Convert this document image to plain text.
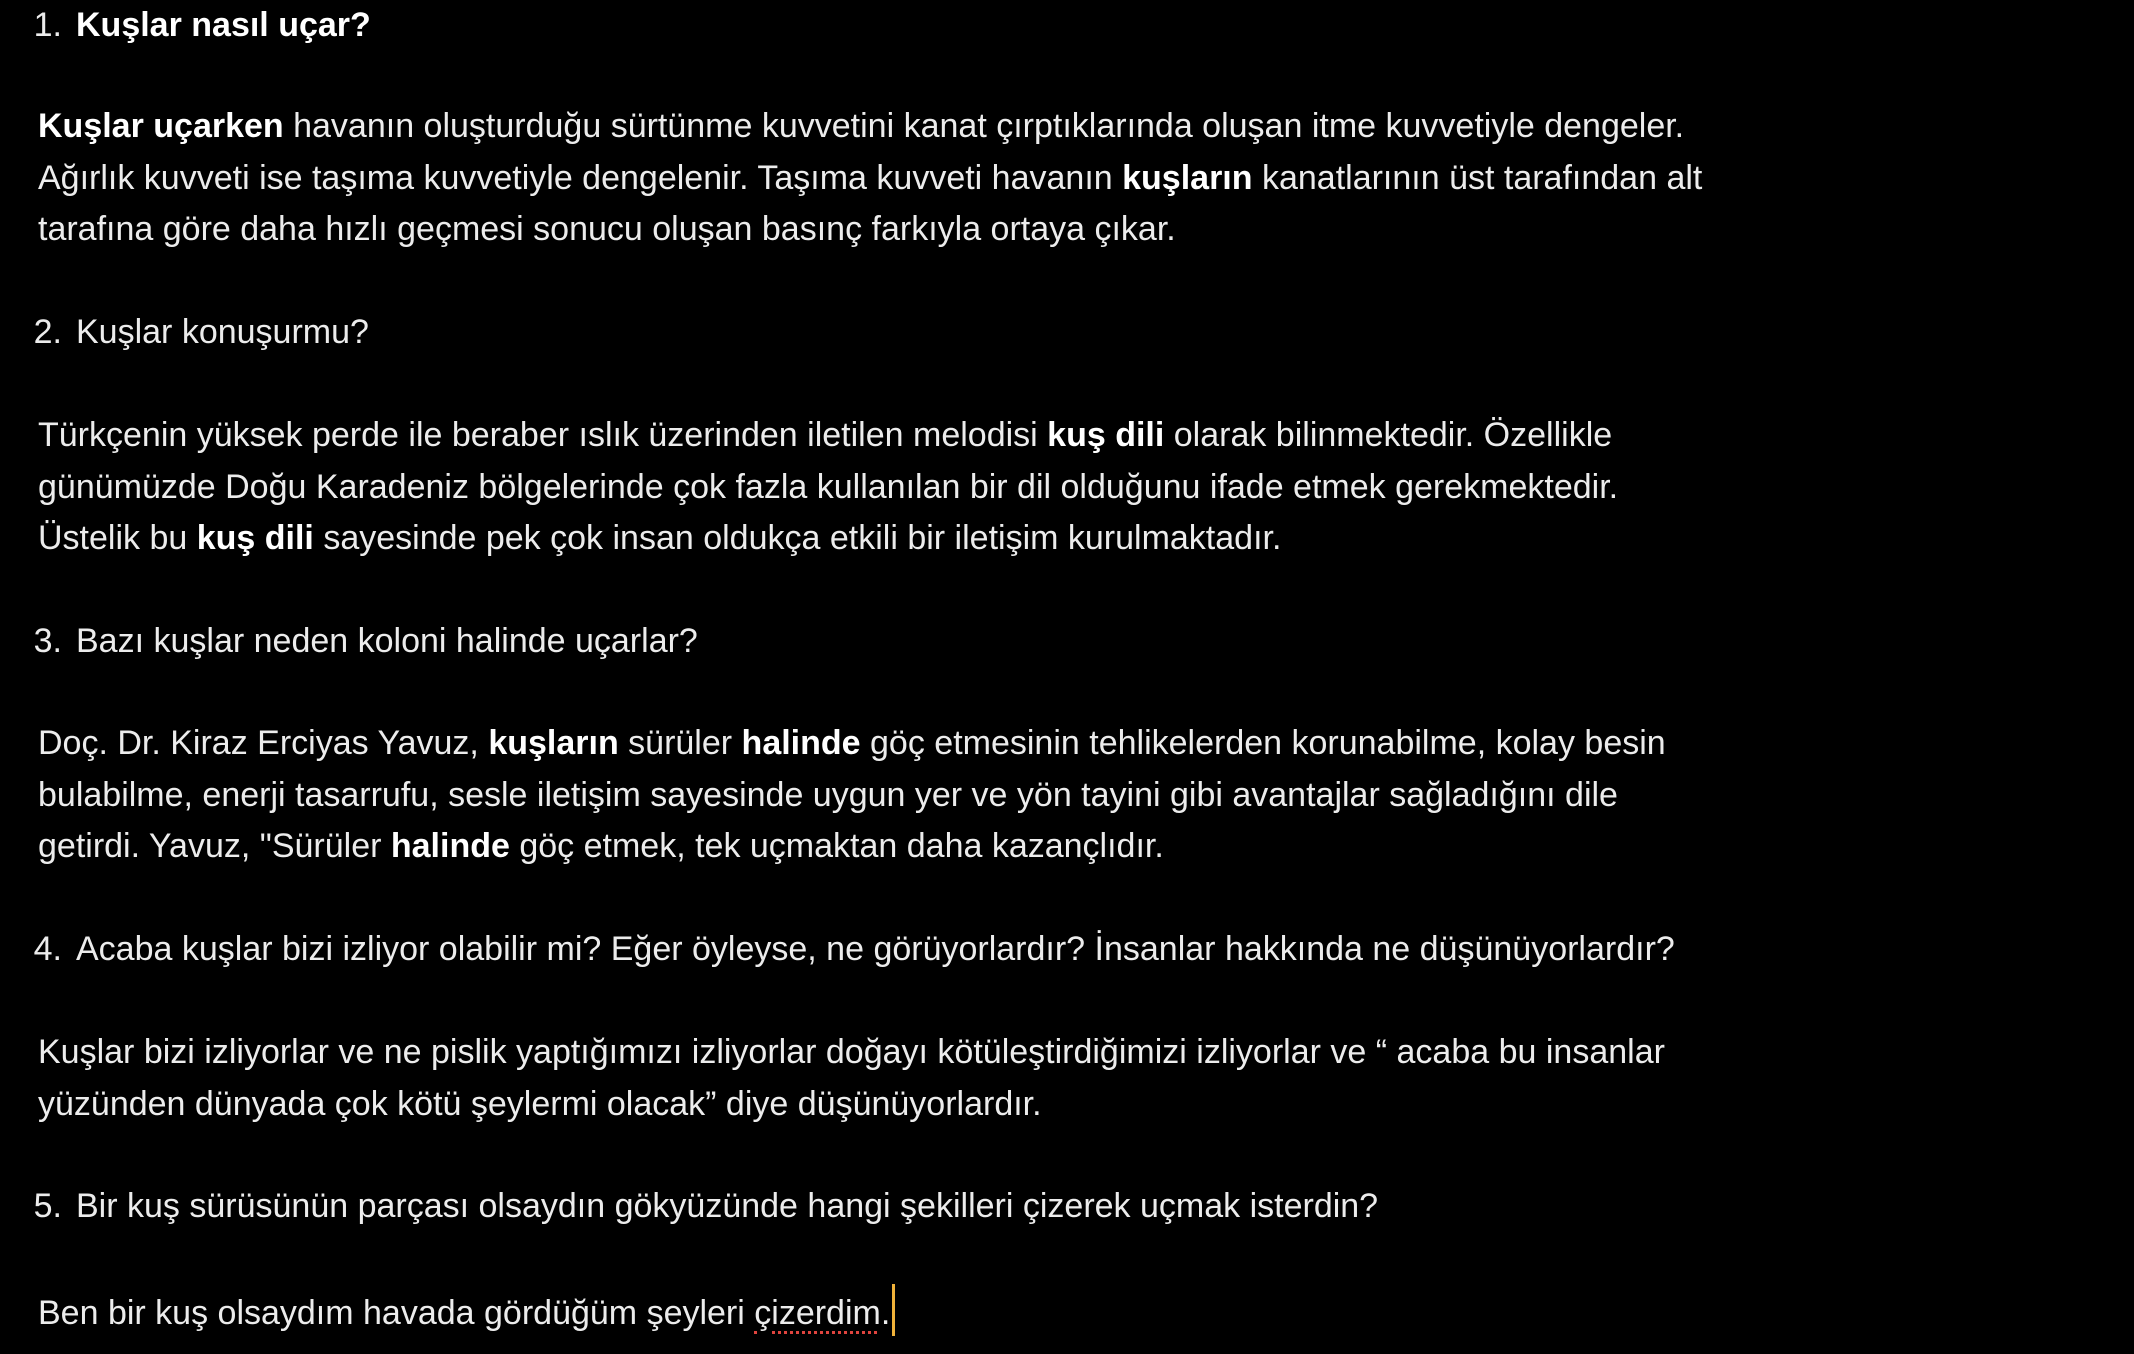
1. Kuşlar nasıl uçar?
Kuşlar uçarken havanın oluşturduğu sürtünme kuvvetini kanat çırptıklarında oluşan itme kuvvetiyle dengeler.
Ağırlık kuvveti ise taşıma kuvvetiyle dengelenir. Taşıma kuvveti havanın kuşların kanatlarının üst tarafından alt
tarafına göre daha hızlı geçmesi sonucu oluşan basınç farkıyla ortaya çıkar.
2. Kuşlar konuşurmu?
Türkçenin yüksek perde ile beraber ıslık üzerinden iletilen melodisi kuş dili olarak bilinmektedir. Özellikle
günümüzde Doğu Karadeniz bölgelerinde çok fazla kullanılan bir dil olduğunu ifade etmek gerekmektedir.
Üstelik bu kuş dili sayesinde pek çok insan oldukça etkili bir iletişim kurulmaktadır.
3. Bazı kuşlar neden koloni halinde uçarlar?
Doç. Dr. Kiraz Erciyas Yavuz, kuşların sürüler halinde göç etmesinin tehlikelerden korunabilme, kolay besin
bulabilme, enerji tasarrufu, sesle iletişim sayesinde uygun yer ve yön tayini gibi avantajlar sağladığını dile
getirdi. Yavuz, "Sürüler halinde göç etmek, tek uçmaktan daha kazançlıdır.
4. Acaba kuşlar bizi izliyor olabilir mi? Eğer öyleyse, ne görüyorlardır? İnsanlar hakkında ne düşünüyorlardır?
Kuşlar bizi izliyorlar ve ne pislik yaptığımızı izliyorlar doğayı kötüleştirdiğimizi izliyorlar ve “ acaba bu insanlar
yüzünden dünyada çok kötü şeylermi olacak” diye düşünüyorlardır.
5. Bir kuş sürüsünün parçası olsaydın gökyüzünde hangi şekilleri çizerek uçmak isterdin?
Ben bir kuş olsaydım havada gördüğüm şeyleri çizerdim.
